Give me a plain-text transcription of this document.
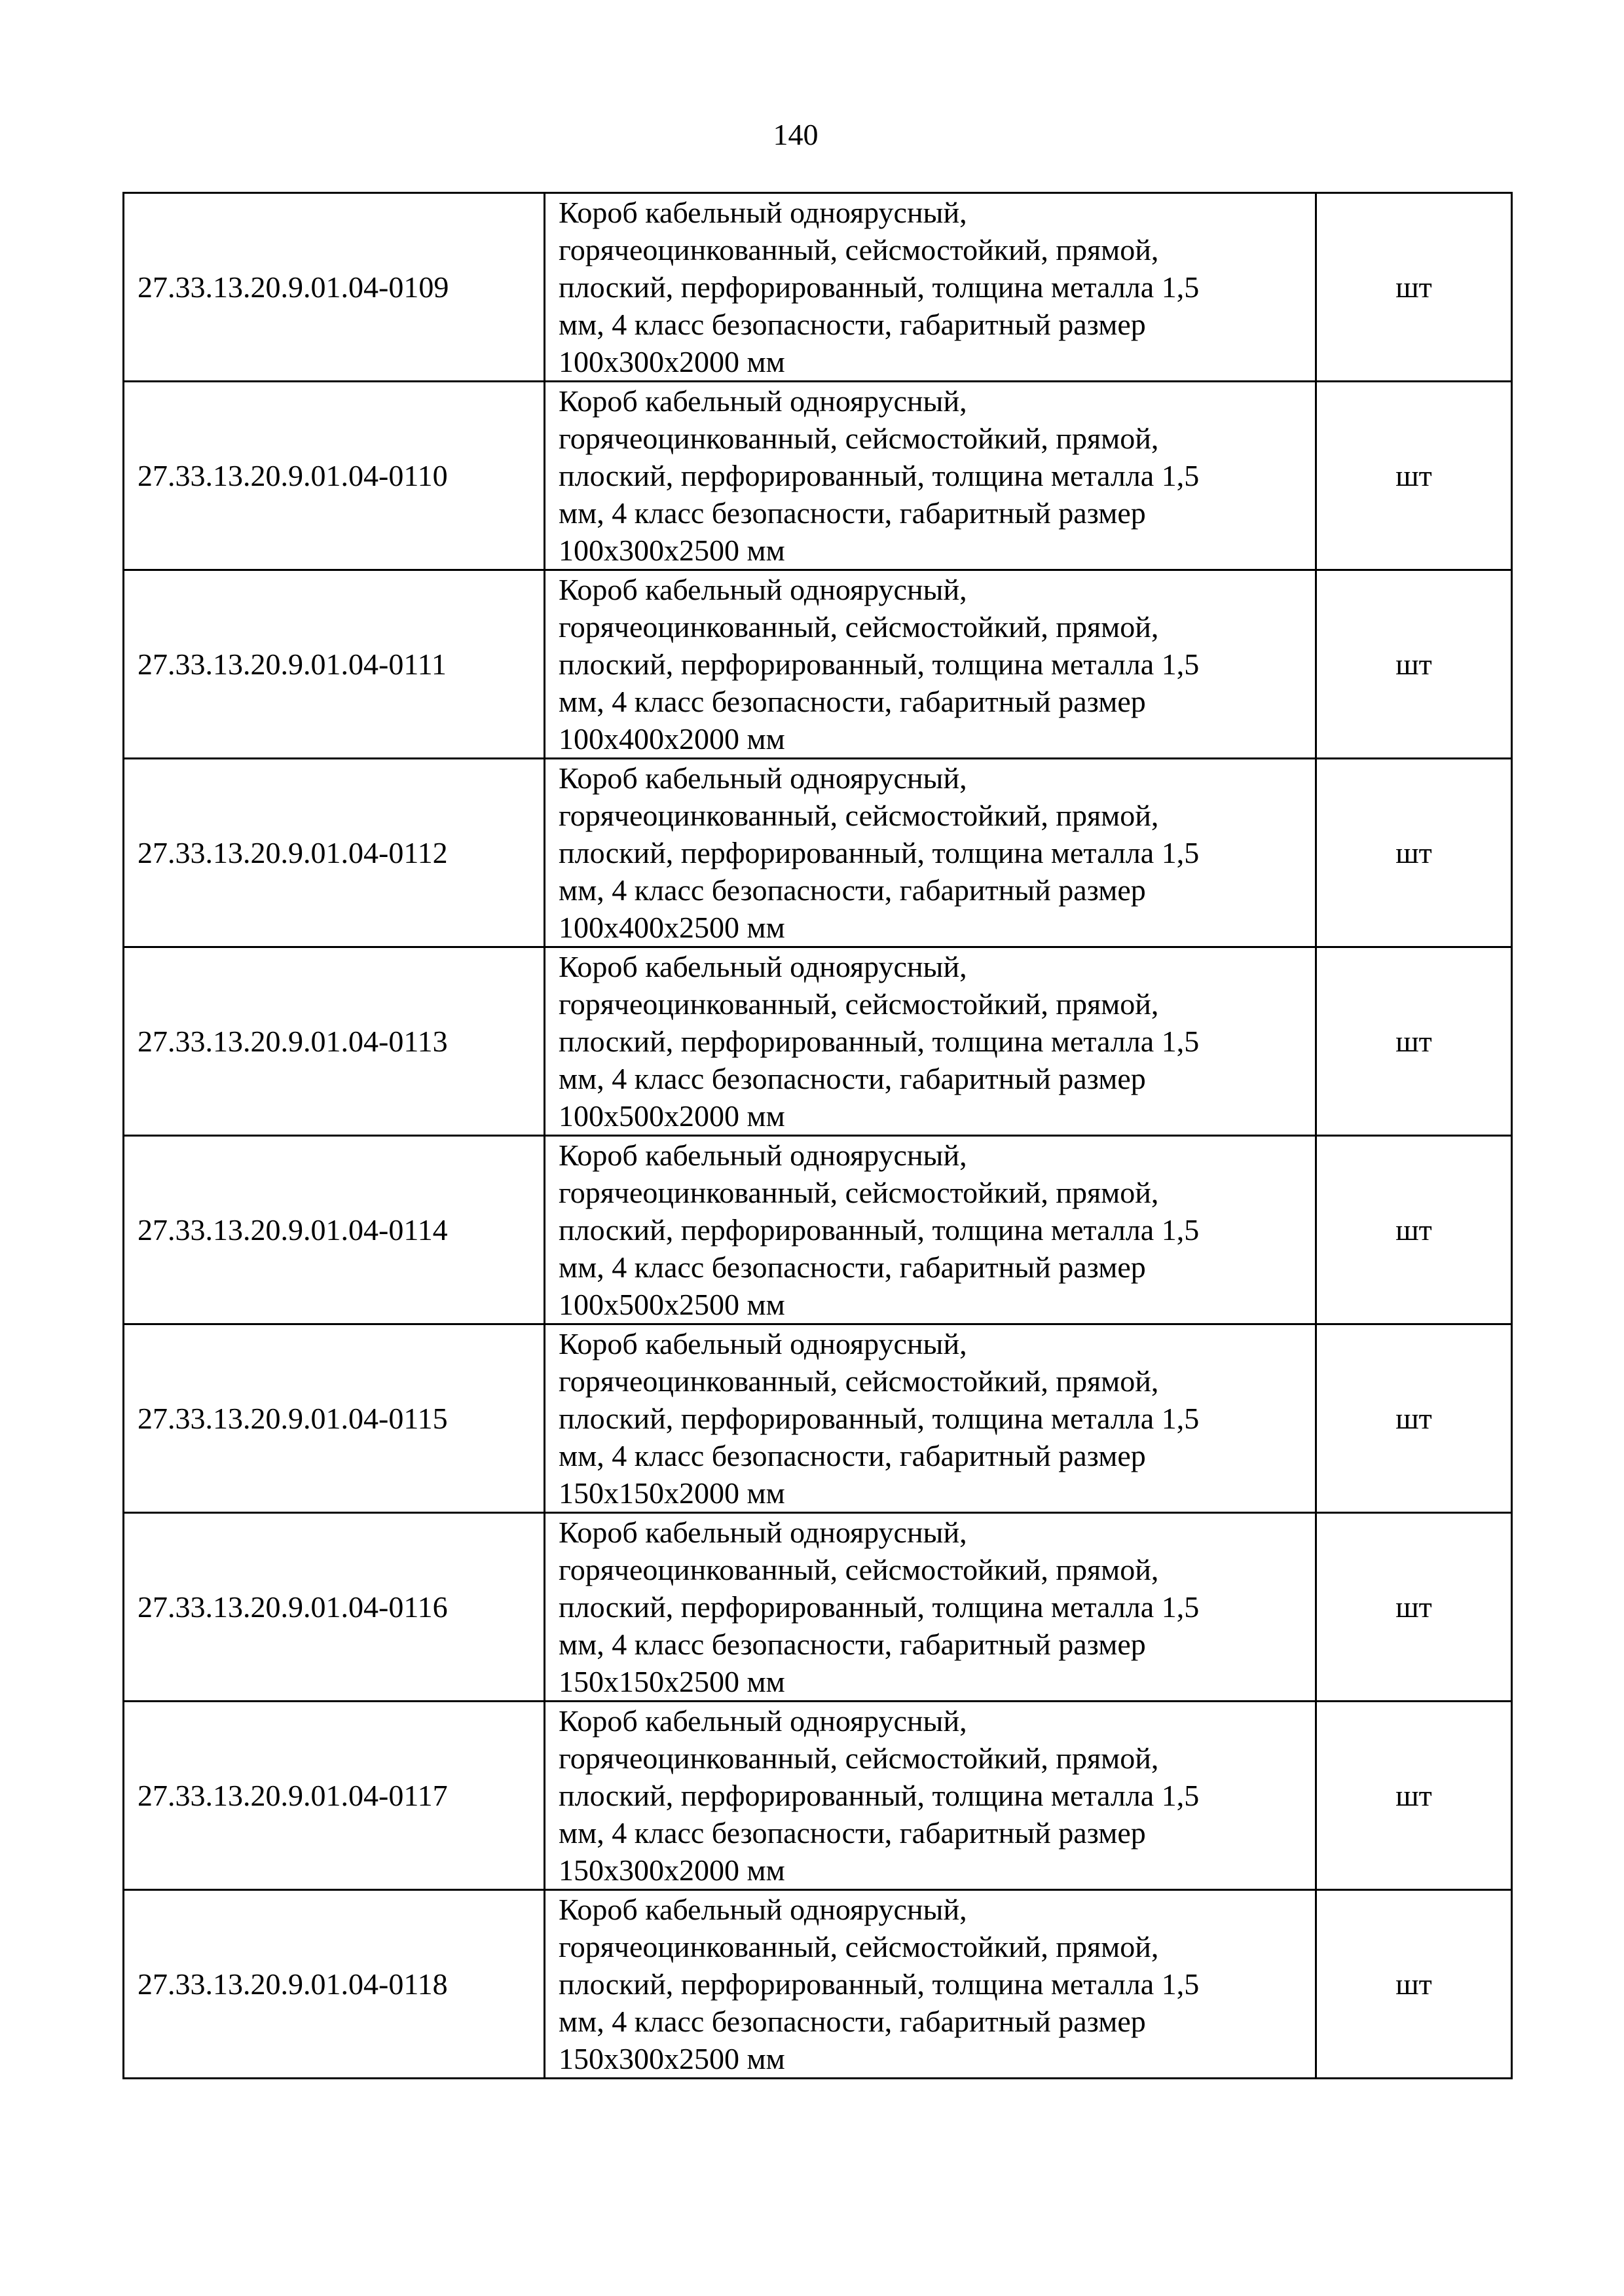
140
27.33.13.20.9.01.04-0109	Короб кабельный одноярусный,
горячеоцинкованный, сейсмостойкий, прямой,
плоский, перфорированный, толщина металла 1,5
мм, 4 класс безопасности, габаритный размер
100х300х2000 мм	шт
27.33.13.20.9.01.04-0110	Короб кабельный одноярусный,
горячеоцинкованный, сейсмостойкий, прямой,
плоский, перфорированный, толщина металла 1,5
мм, 4 класс безопасности, габаритный размер
100х300х2500 мм	шт
27.33.13.20.9.01.04-0111	Короб кабельный одноярусный,
горячеоцинкованный, сейсмостойкий, прямой,
плоский, перфорированный, толщина металла 1,5
мм, 4 класс безопасности, габаритный размер
100х400х2000 мм	шт
27.33.13.20.9.01.04-0112	Короб кабельный одноярусный,
горячеоцинкованный, сейсмостойкий, прямой,
плоский, перфорированный, толщина металла 1,5
мм, 4 класс безопасности, габаритный размер
100х400х2500 мм	шт
27.33.13.20.9.01.04-0113	Короб кабельный одноярусный,
горячеоцинкованный, сейсмостойкий, прямой,
плоский, перфорированный, толщина металла 1,5
мм, 4 класс безопасности, габаритный размер
100х500х2000 мм	шт
27.33.13.20.9.01.04-0114	Короб кабельный одноярусный,
горячеоцинкованный, сейсмостойкий, прямой,
плоский, перфорированный, толщина металла 1,5
мм, 4 класс безопасности, габаритный размер
100х500х2500 мм	шт
27.33.13.20.9.01.04-0115	Короб кабельный одноярусный,
горячеоцинкованный, сейсмостойкий, прямой,
плоский, перфорированный, толщина металла 1,5
мм, 4 класс безопасности, габаритный размер
150х150х2000 мм	шт
27.33.13.20.9.01.04-0116	Короб кабельный одноярусный,
горячеоцинкованный, сейсмостойкий, прямой,
плоский, перфорированный, толщина металла 1,5
мм, 4 класс безопасности, габаритный размер
150х150х2500 мм	шт
27.33.13.20.9.01.04-0117	Короб кабельный одноярусный,
горячеоцинкованный, сейсмостойкий, прямой,
плоский, перфорированный, толщина металла 1,5
мм, 4 класс безопасности, габаритный размер
150х300х2000 мм	шт
27.33.13.20.9.01.04-0118	Короб кабельный одноярусный,
горячеоцинкованный, сейсмостойкий, прямой,
плоский, перфорированный, толщина металла 1,5
мм, 4 класс безопасности, габаритный размер
150х300х2500 мм	шт
